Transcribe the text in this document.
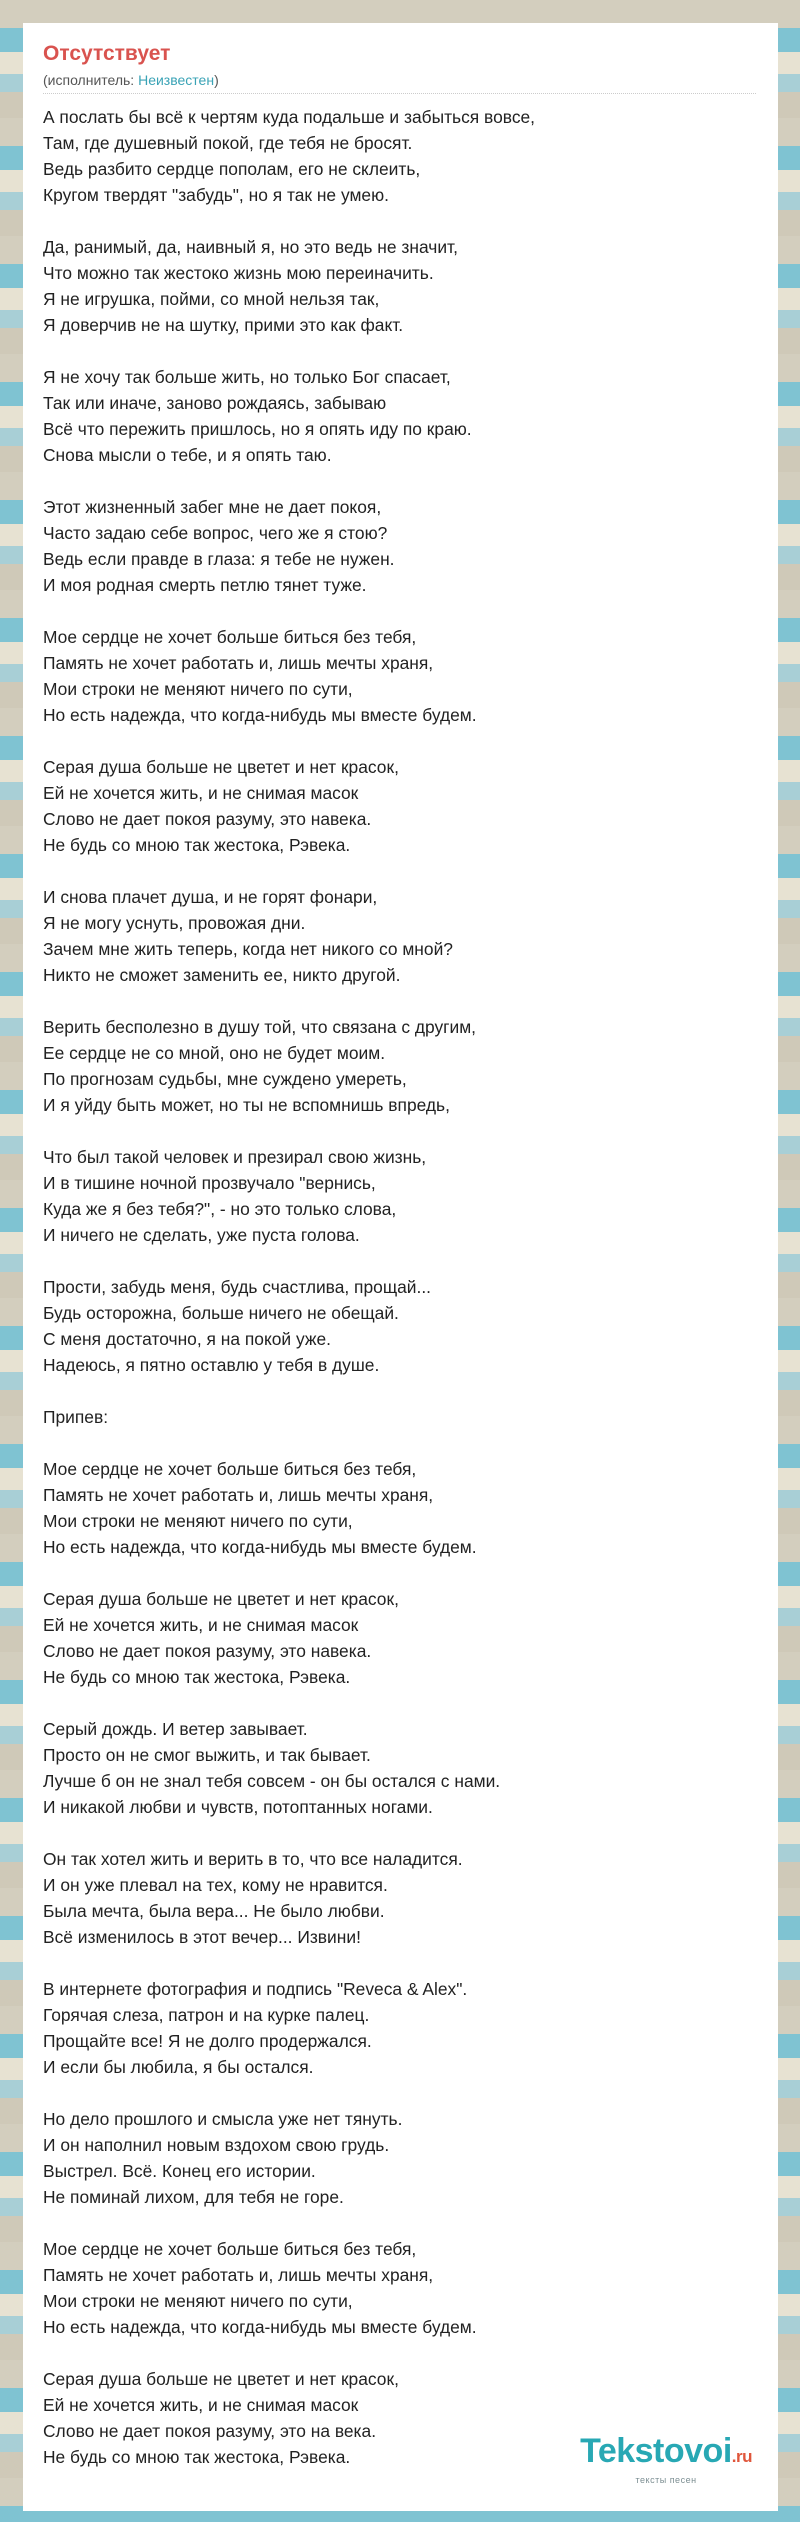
Отсутствует
(исполнитель: Неизвестен)
А послать бы всё к чертям куда подальше и забыться вовсе,
Там, где душевный покой, где тебя не бросят.
Ведь разбито сердце пополам, его не склеить,
Кругом твердят "забудь", но я так не умею.
Да, ранимый, да, наивный я, но это ведь не значит,
Что можно так жестоко жизнь мою переиначить.
Я не игрушка, пойми, со мной нельзя так,
Я доверчив не на шутку, прими это как факт.
Я не хочу так больше жить, но только Бог спасает,
Так или иначе, заново рождаясь, забываю
Всё что пережить пришлось, но я опять иду по краю.
Снова мысли о тебе, и я опять таю.
Этот жизненный забег мне не дает покоя,
Часто задаю себе вопрос, чего же я стою?
Ведь если правде в глаза: я тебе не нужен.
И моя родная смерть петлю тянет туже.
Мое сердце не хочет больше биться без тебя,
Память не хочет работать и, лишь мечты храня,
Мои строки не меняют ничего по сути,
Но есть надежда, что когда-нибудь мы вместе будем.
Серая душа больше не цветет и нет красок,
Ей не хочется жить, и не снимая масок
Слово не дает покоя разуму, это навека.
Не будь со мною так жестока, Рэвека.
И снова плачет душа, и не горят фонари,
Я не могу уснуть, провожая дни.
Зачем мне жить теперь, когда нет никого со мной?
Никто не сможет заменить ее, никто другой.
Верить бесполезно в душу той, что связана с другим,
Ее сердце не со мной, оно не будет моим.
По прогнозам судьбы, мне суждено умереть,
И я уйду быть может, но ты не вспомнишь впредь,
Что был такой человек и презирал свою жизнь,
И в тишине ночной прозвучало "вернись,
Куда же я без тебя?", - но это только слова,
И ничего не сделать, уже пуста голова.
Прости, забудь меня, будь счастлива, прощай...
Будь осторожна, больше ничего не обещай.
С меня достаточно, я на покой уже.
Надеюсь, я пятно оставлю у тебя в душе.
Припев:
Мое сердце не хочет больше биться без тебя,
Память не хочет работать и, лишь мечты храня,
Мои строки не меняют ничего по сути,
Но есть надежда, что когда-нибудь мы вместе будем.
Серая душа больше не цветет и нет красок,
Ей не хочется жить, и не снимая масок
Слово не дает покоя разуму, это навека.
Не будь со мною так жестока, Рэвека.
Серый дождь. И ветер завывает.
Просто он не смог выжить, и так бывает.
Лучше б он не знал тебя совсем - он бы остался с нами.
И никакой любви и чувств, потоптанных ногами.
Он так хотел жить и верить в то, что все наладится.
И он уже плевал на тех, кому не нравится.
Была мечта, была вера... Не было любви.
Всё изменилось в этот вечер... Извини!
В интернете фотография и подпись "Reveca & Alex".
Горячая слеза, патрон и на курке палец.
Прощайте все! Я не долго продержался.
И если бы любила, я бы остался.
Но дело прошлого и смысла уже нет тянуть.
И он наполнил новым вздохом свою грудь.
Выстрел. Всё. Конец его истории.
Не поминай лихом, для тебя не горе.
Мое сердце не хочет больше биться без тебя,
Память не хочет работать и, лишь мечты храня,
Мои строки не меняют ничего по сути,
Но есть надежда, что когда-нибудь мы вместе будем.
Серая душа больше не цветет и нет красок,
Ей не хочется жить, и не снимая масок
Слово не дает покоя разуму, это на века.
Не будь со мною так жестока, Рэвека.	Tekstovoi.ru
тексты песен
